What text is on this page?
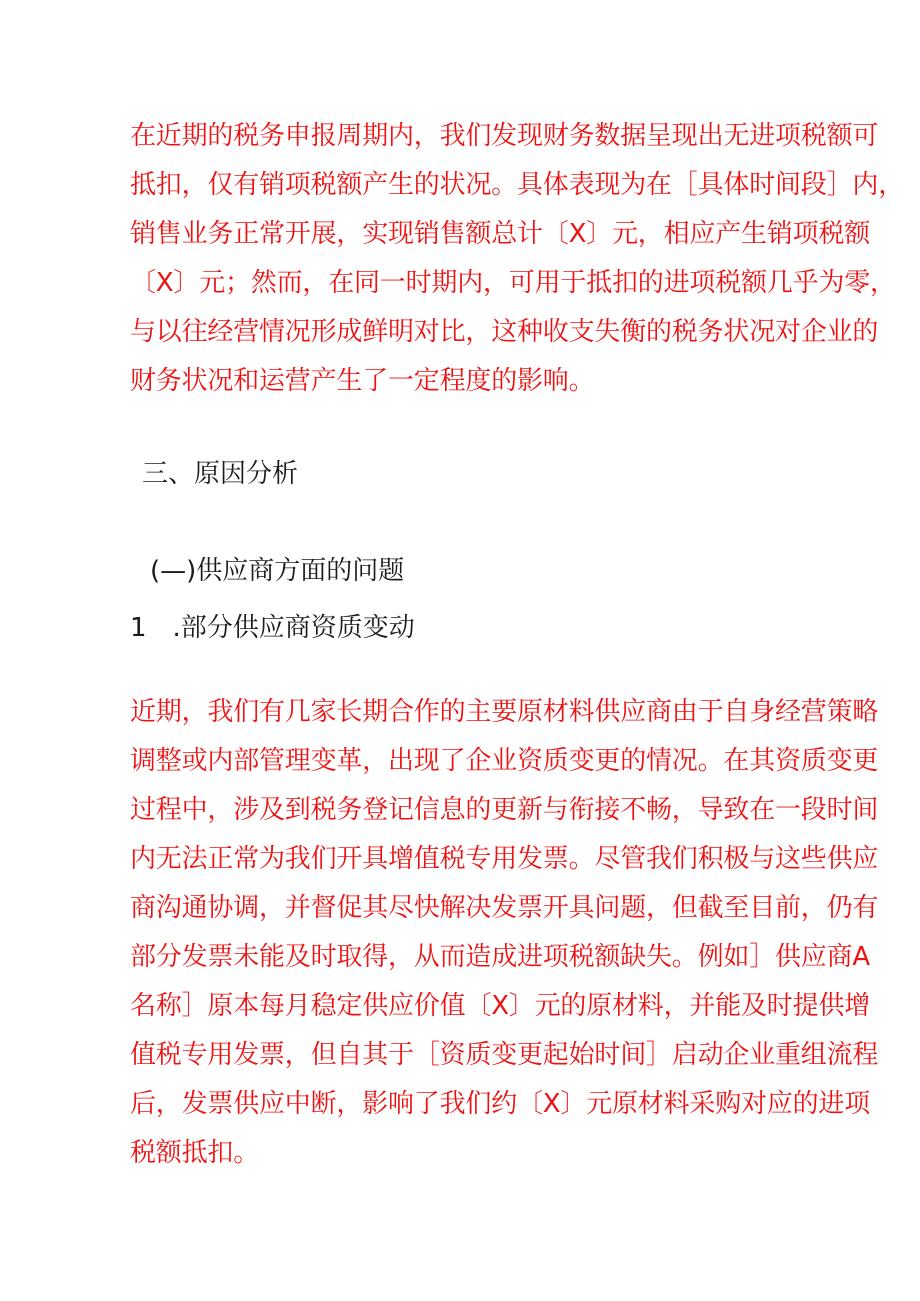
在近期的税务申报周期内，我们发现财务数据呈现出无进项税额可
抵扣，仅有销项税额产生的状况。具体表现为在［具体时间段］内，
销售业务正常开展，实现销售额总计〔X〕元，相应产生销项税额
〔X〕元；然而，在同一时期内，可用于抵扣的进项税额几乎为零，
与以往经营情况形成鲜明对比，这种收支失衡的税务状况对企业的
财务状况和运营产生了一定程度的影响。
三、原因分析
(—)供应商方面的问题
1　.部分供应商资质变动
近期，我们有几家长期合作的主要原材料供应商由于自身经营策略
调整或内部管理变革，出现了企业资质变更的情况。在其资质变更
过程中，涉及到税务登记信息的更新与衔接不畅，导致在一段时间
内无法正常为我们开具增值税专用发票。尽管我们积极与这些供应
商沟通协调，并督促其尽快解决发票开具问题，但截至目前，仍有
部分发票未能及时取得，从而造成进项税额缺失。例如］供应商A
名称］原本每月稳定供应价值〔X〕元的原材料，并能及时提供增
值税专用发票，但自其于［资质变更起始时间］启动企业重组流程
后，发票供应中断，影响了我们约〔X〕元原材料采购对应的进项
税额抵扣。
